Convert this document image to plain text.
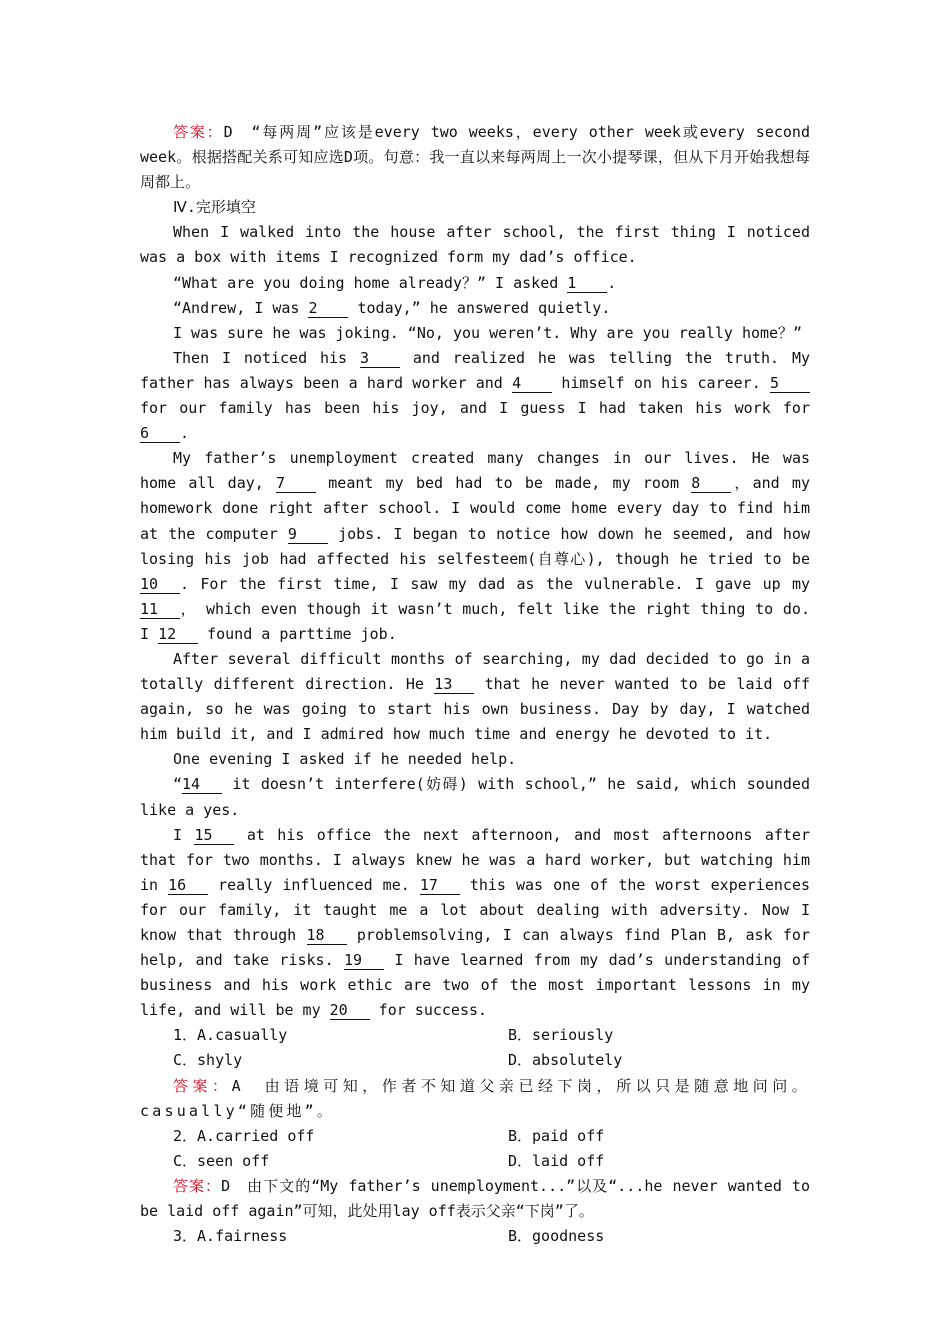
答案：D　“每两周”应该是every two weeks，every other week或every second week。根据搭配关系可知应选D项。句意：我一直以来每两周上一次小提琴课，但从下月开始我想每周都上。

Ⅳ.完形填空

When I walked into the house after school, the first thing I noticed was a box with items I recognized form my dad’s office.

“What are you doing home already？” I asked 1 .

“Andrew, I was 2 today,” he answered quietly.

I was sure he was joking. “No, you weren’t. Why are you really home？”

Then I noticed his 3 and realized he was telling the truth. My father has always been a hard worker and 4 himself on his career. 5 for our family has been his joy, and I guess I had taken his work for 6 .

My father’s unemployment created many changes in our lives. He was home all day, 7 meant my bed had to be made, my room 8 ，and my homework done right after school. I would come home every day to find him at the computer 9 jobs. I began to notice how down he seemed, and how losing his job had affected his selfesteem(自尊心), though he tried to be 10 . For the first time, I saw my dad as the vulnerable. I gave up my 11 ， which even though it wasn’t much, felt like the right thing to do. I 12 found a parttime job.

After several difficult months of searching, my dad decided to go in a totally different direction. He 13 that he never wanted to be laid off again, so he was going to start his own business. Day by day, I watched him build it, and I admired how much time and energy he devoted to it.

One evening I asked if he needed help.

“14 it doesn’t interfere(妨碍) with school,” he said, which sounded like a yes.

I 15 at his office the next afternoon, and most afternoons after that for two months. I always knew he was a hard worker, but watching him in 16 really influenced me. 17 this was one of the worst experiences for our family, it taught me a lot about dealing with adversity. Now I know that through 18 problemsolving, I can always find Plan B, ask for help, and take risks. 19 I have learned from my dad’s understanding of business and his work ethic are two of the most important lessons in my life, and will be my 20 for success.

1．A.casually	B．seriously
C．shyly	D．absolutely

答案：A　由语境可知，作者不知道父亲已经下岗，所以只是随意地问问。casually“随便地”。

2．A.carried off	B．paid off
C．seen off	D．laid off

答案：D　由下文的“My father’s unemployment...”以及“...he never wanted to be laid off again”可知，此处用lay off表示父亲“下岗”了。

3．A.fairness	B．goodness
